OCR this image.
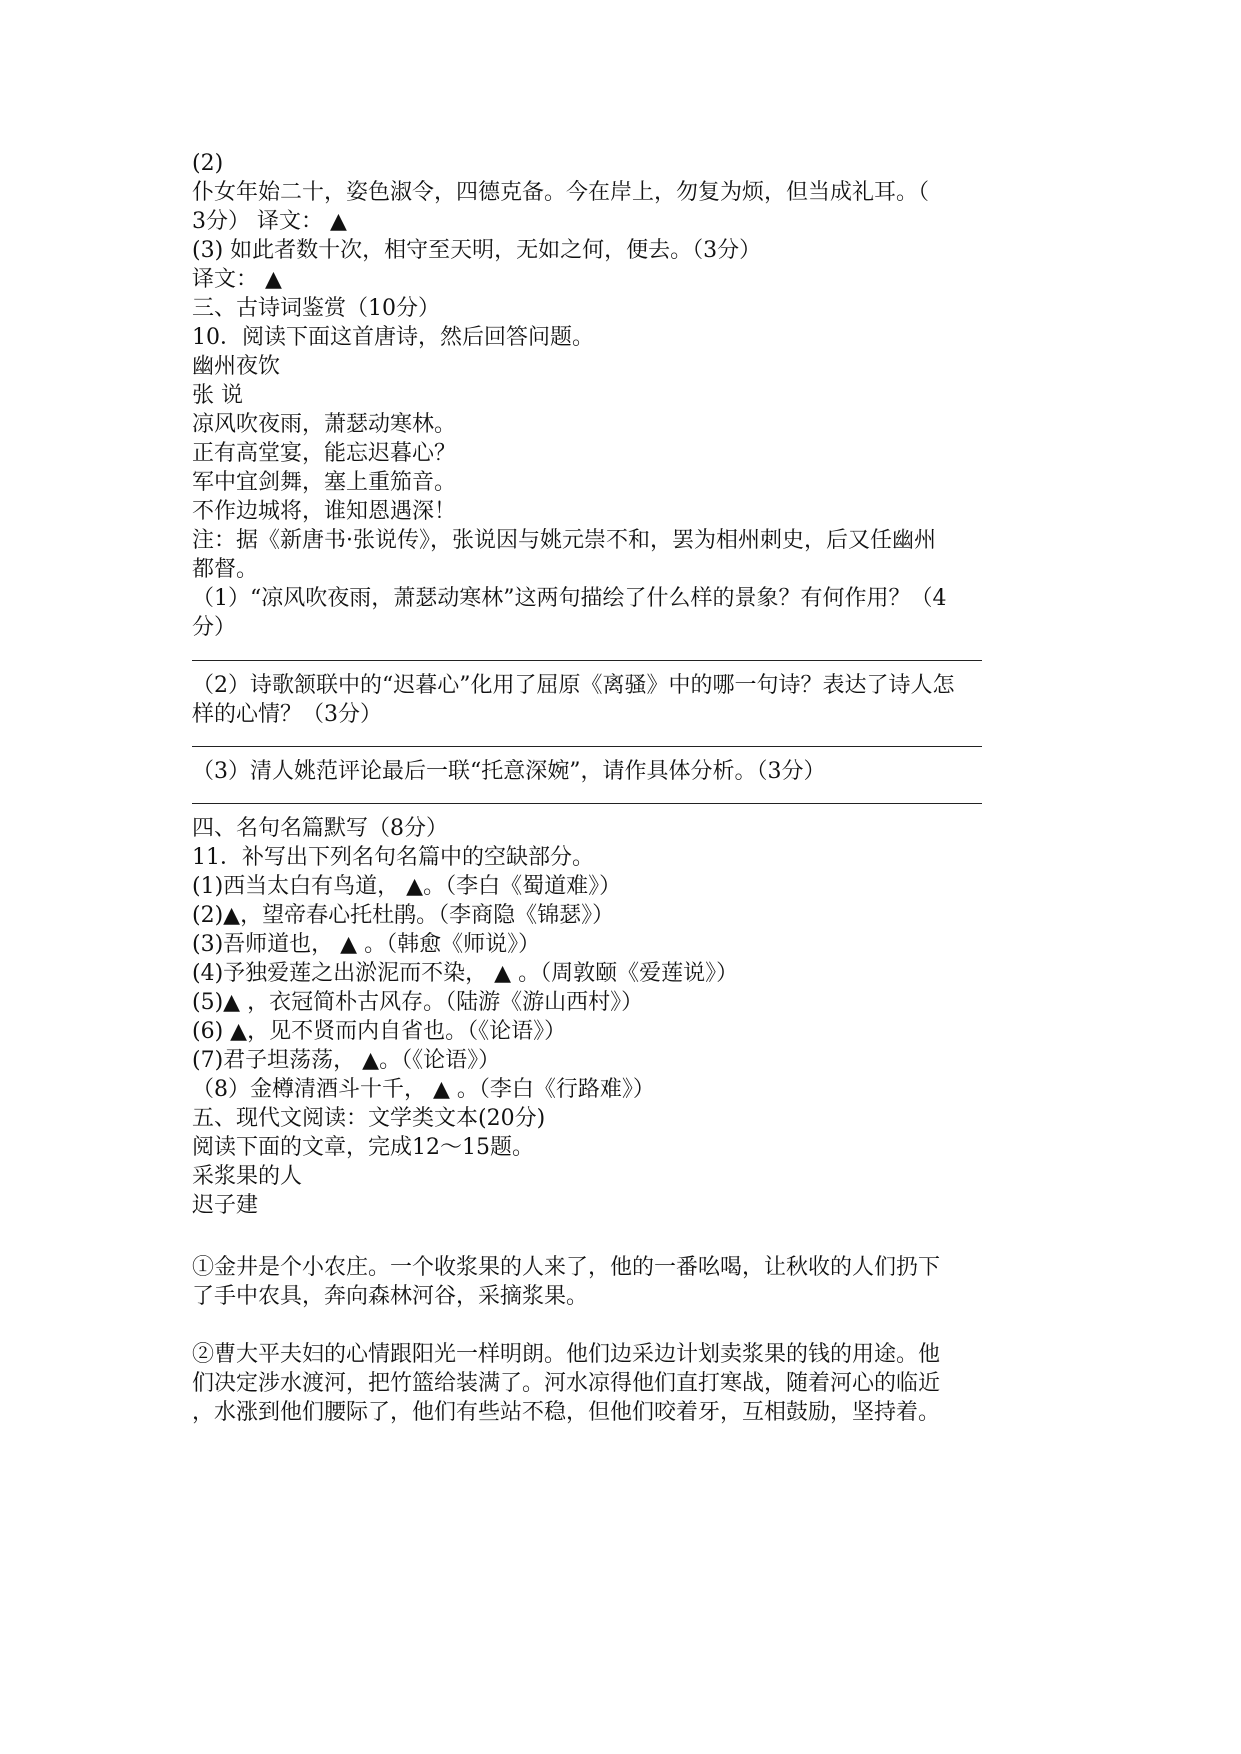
(2)
仆女年始二十，姿色淑令，四德克备。今在岸上，勿复为烦，但当成礼耳。（
3分） 译文： ▲
(3) 如此者数十次，相守至天明，无如之何，便去。（3分）
译文： ▲
三、古诗词鉴赏（10分）
10．阅读下面这首唐诗，然后回答问题。
幽州夜饮
张 说
凉风吹夜雨，萧瑟动寒林。
正有高堂宴，能忘迟暮心？
军中宜剑舞，塞上重笳音。
不作边城将，谁知恩遇深！
注：据《新唐书·张说传》，张说因与姚元崇不和，罢为相州刺史，后又任幽州
都督。
（1）“凉风吹夜雨，萧瑟动寒林”这两句描绘了什么样的景象？有何作用？（4
分）
（2）诗歌颔联中的“迟暮心”化用了屈原《离骚》中的哪一句诗？表达了诗人怎
样的心情？（3分）
（3）清人姚范评论最后一联“托意深婉”，请作具体分析。（3分）
四、名句名篇默写（8分）
11．补写出下列名句名篇中的空缺部分。
(1)西当太白有鸟道， ▲。（李白《蜀道难》）
(2)▲，望帝春心托杜鹃。（李商隐《锦瑟》）
(3)吾师道也， ▲ 。（韩愈《师说》）
(4)予独爱莲之出淤泥而不染， ▲ 。（周敦颐《爱莲说》）
(5)▲ ，衣冠简朴古风存。（陆游《游山西村》）
(6) ▲，见不贤而内自省也。（《论语》）
(7)君子坦荡荡， ▲。（《论语》）
（8）金樽清酒斗十千， ▲ 。（李白《行路难》）
五、现代文阅读：文学类文本(20分)
阅读下面的文章，完成12～15题。
采浆果的人
迟子建
①金井是个小农庄。一个收浆果的人来了，他的一番吆喝，让秋收的人们扔下
了手中农具，奔向森林河谷，采摘浆果。
②曹大平夫妇的心情跟阳光一样明朗。他们边采边计划卖浆果的钱的用途。他
们决定涉水渡河，把竹篮给装满了。河水凉得他们直打寒战，随着河心的临近
，水涨到他们腰际了，他们有些站不稳，但他们咬着牙，互相鼓励，坚持着。
